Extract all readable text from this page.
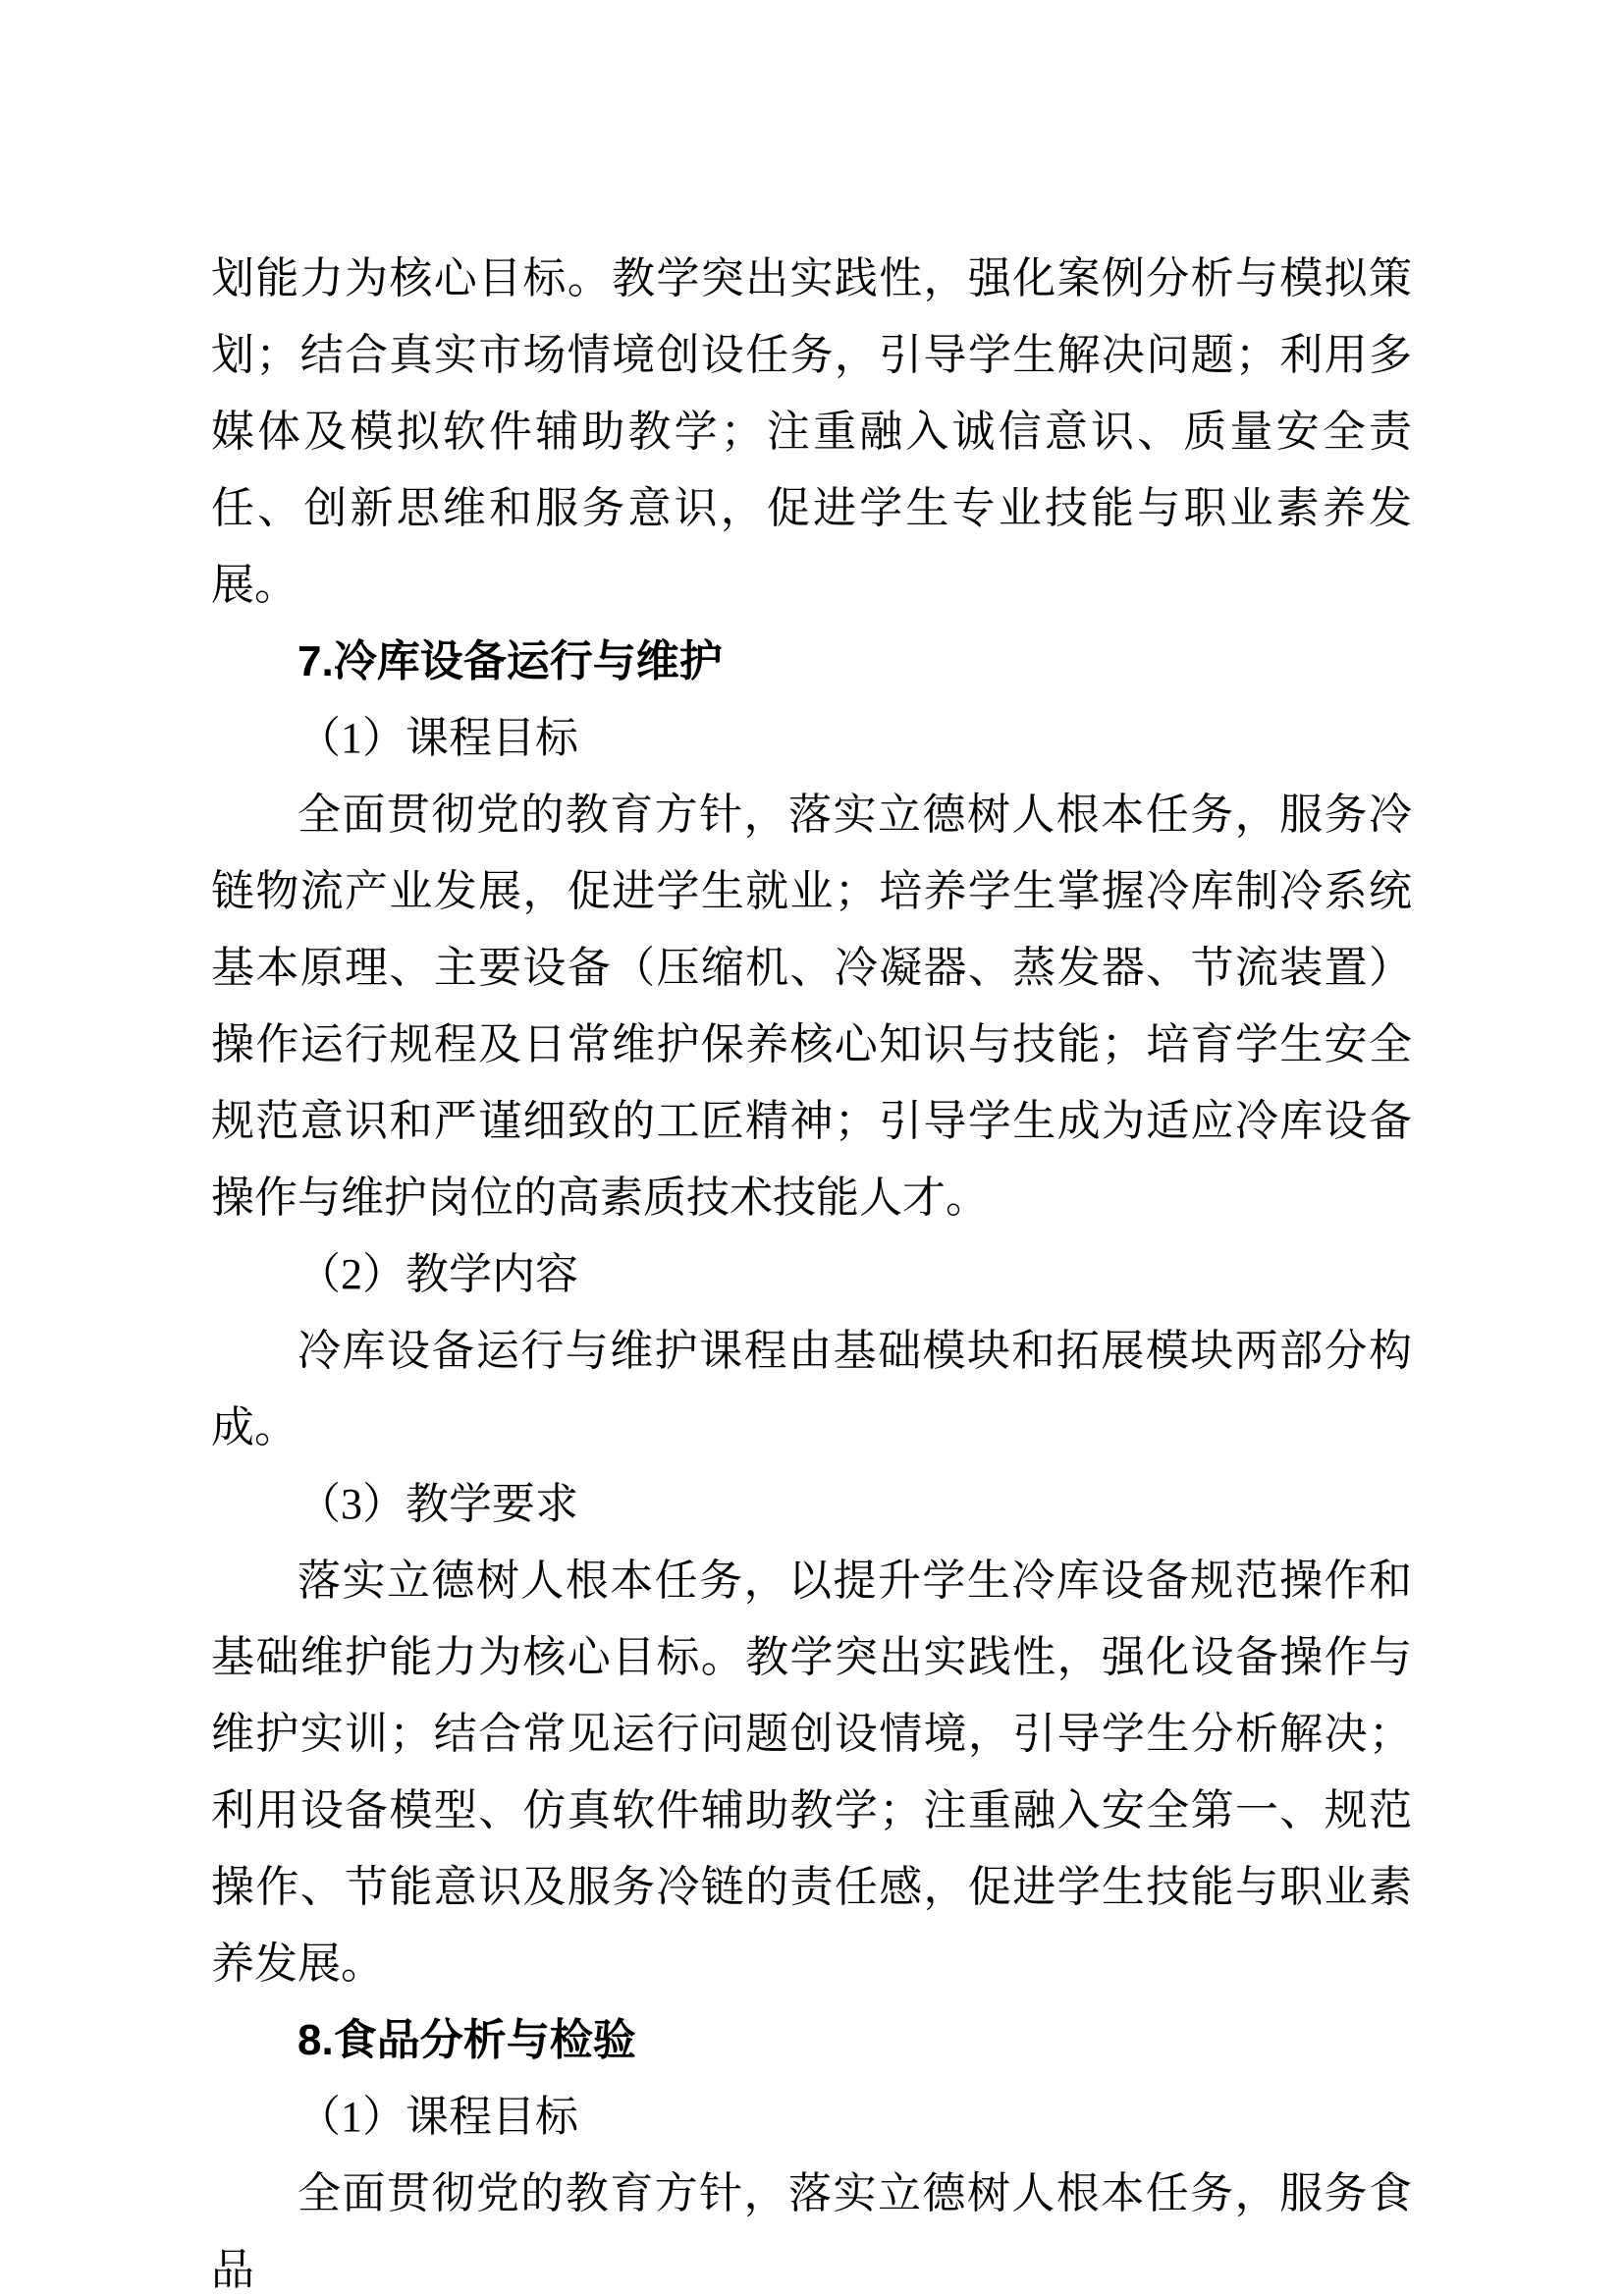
划能力为核心目标。教学突出实践性，强化案例分析与模拟策划；结合真实市场情境创设任务，引导学生解决问题；利用多媒体及模拟软件辅助教学；注重融入诚信意识、质量安全责任、创新思维和服务意识，促进学生专业技能与职业素养发展。

7.冷库设备运行与维护

（1）课程目标

全面贯彻党的教育方针，落实立德树人根本任务，服务冷链物流产业发展，促进学生就业；培养学生掌握冷库制冷系统基本原理、主要设备（压缩机、冷凝器、蒸发器、节流装置）操作运行规程及日常维护保养核心知识与技能；培育学生安全规范意识和严谨细致的工匠精神；引导学生成为适应冷库设备操作与维护岗位的高素质技术技能人才。

（2）教学内容

冷库设备运行与维护课程由基础模块和拓展模块两部分构成。

（3）教学要求

落实立德树人根本任务，以提升学生冷库设备规范操作和基础维护能力为核心目标。教学突出实践性，强化设备操作与维护实训；结合常见运行问题创设情境，引导学生分析解决；利用设备模型、仿真软件辅助教学；注重融入安全第一、规范操作、节能意识及服务冷链的责任感，促进学生技能与职业素养发展。

8.食品分析与检验

（1）课程目标

全面贯彻党的教育方针，落实立德树人根本任务，服务食品
